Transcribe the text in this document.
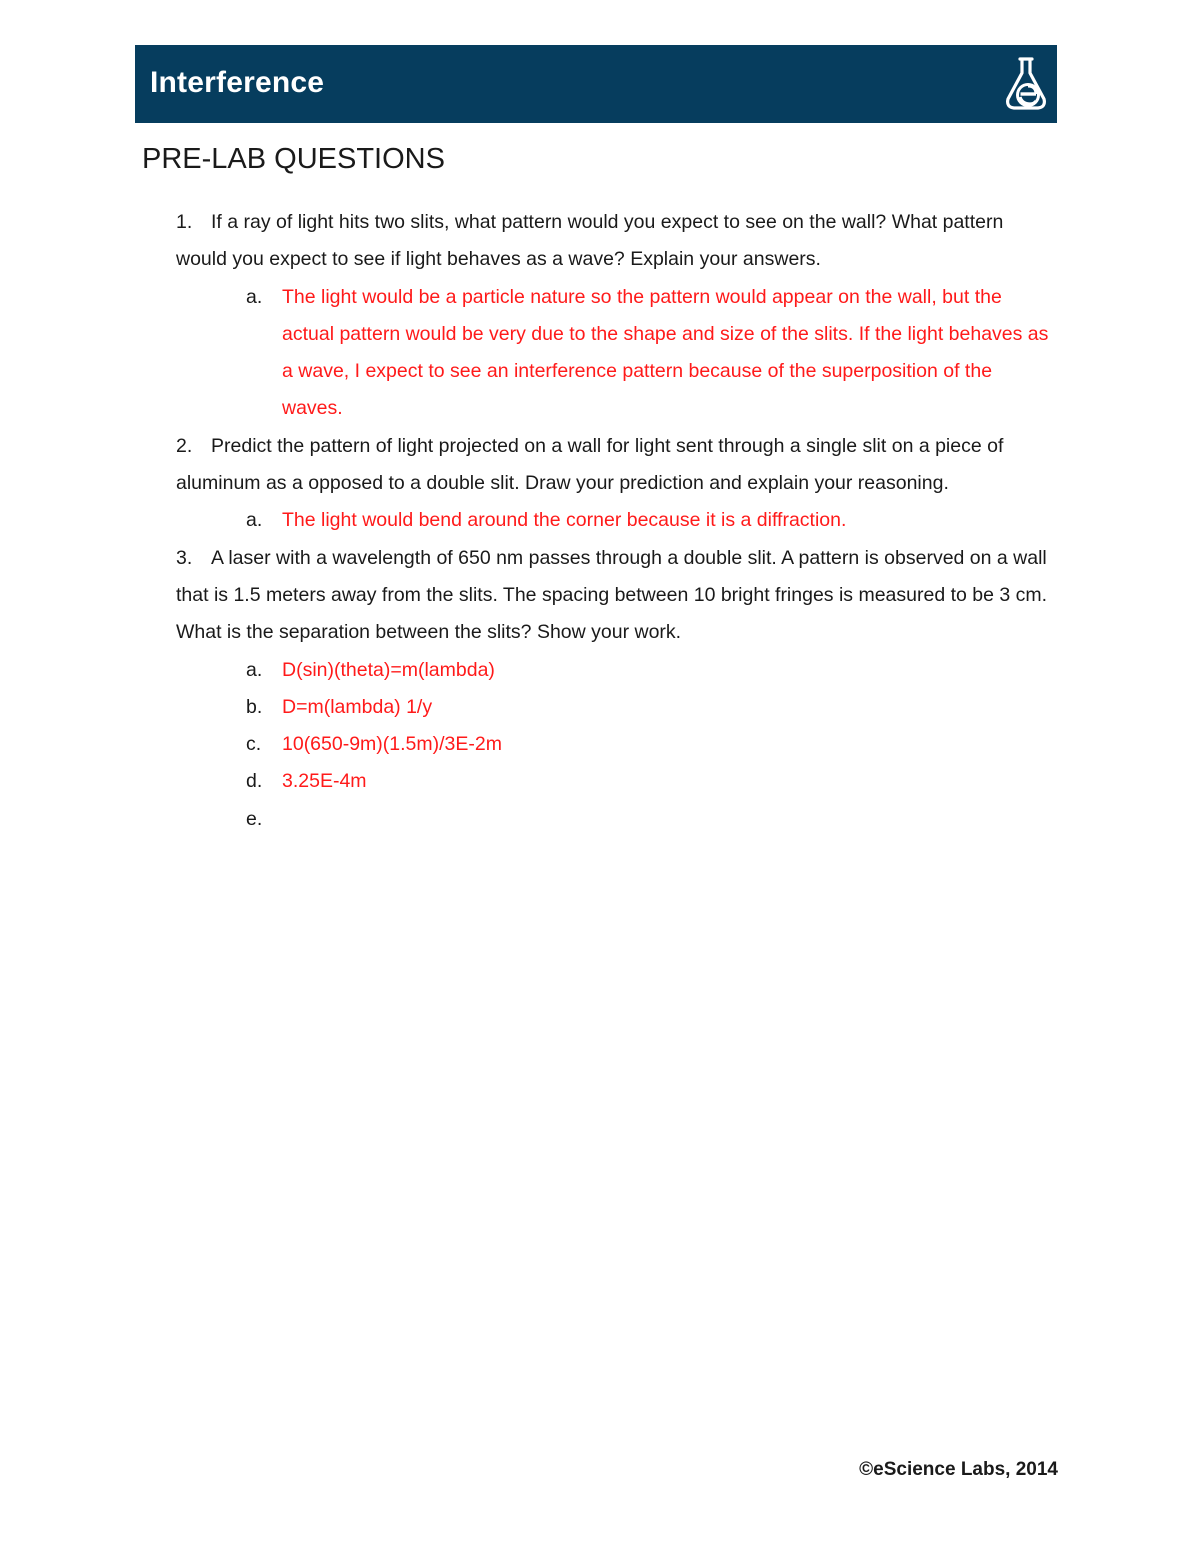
Interference
PRE-LAB QUESTIONS
1. If a ray of light hits two slits, what pattern would you expect to see on the wall? What pattern would you expect to see if light behaves as a wave? Explain your answers.
a. The light would be a particle nature so the pattern would appear on the wall, but the actual pattern would be very due to the shape and size of the slits. If the light behaves as a wave, I expect to see an interference pattern because of the superposition of the waves.
2. Predict the pattern of light projected on a wall for light sent through a single slit on a piece of aluminum as a opposed to a double slit. Draw your prediction and explain your reasoning.
a. The light would bend around the corner because it is a diffraction.
3. A laser with a wavelength of 650 nm passes through a double slit. A pattern is observed on a wall that is 1.5 meters away from the slits. The spacing between 10 bright fringes is measured to be 3 cm. What is the separation between the slits? Show your work.
a. D(sin)(theta)=m(lambda)
b. D=m(lambda) 1/y
c. 10(650-9m)(1.5m)/3E-2m
d. 3.25E-4m
e.
©eScience Labs, 2014
